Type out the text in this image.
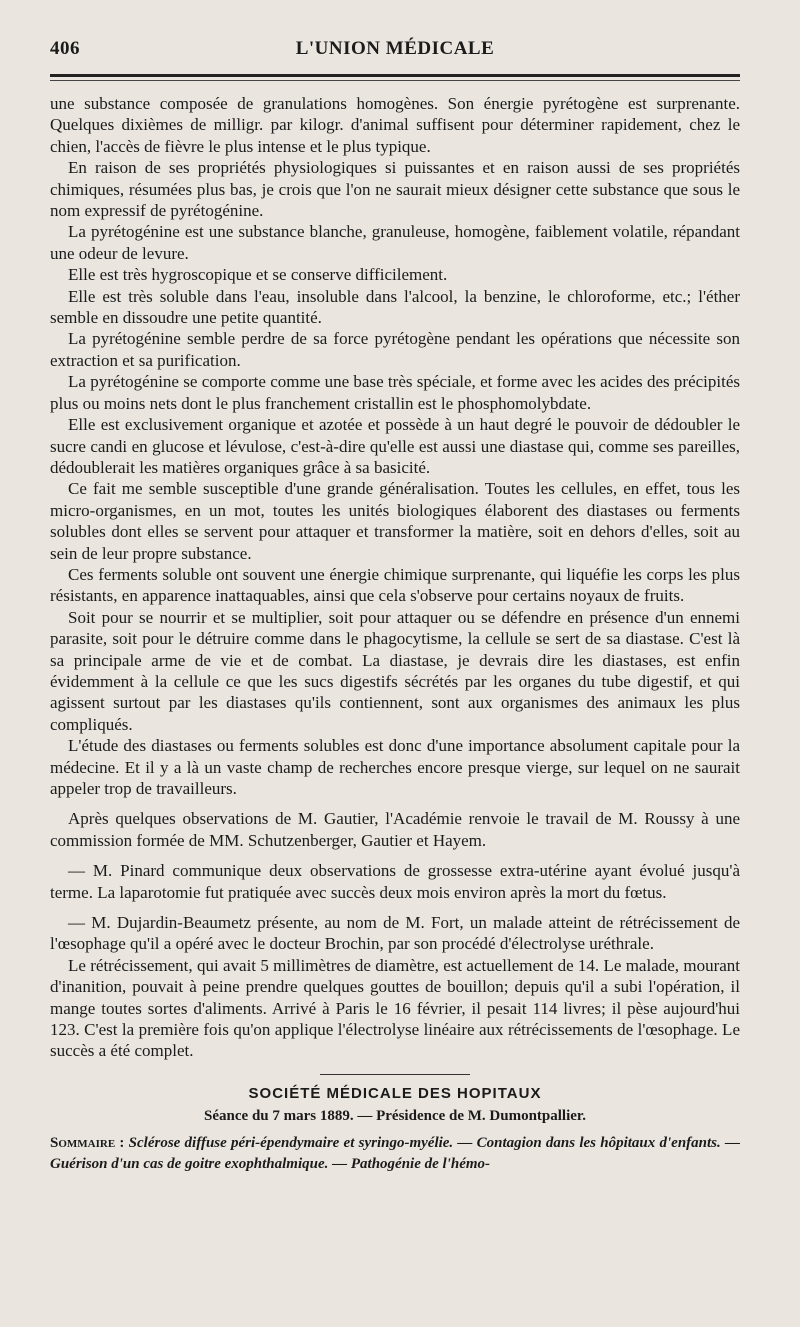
406	L'UNION MÉDICALE

une substance composée de granulations homogènes. Son énergie pyrétogène est surprenante. Quelques dixièmes de milligr. par kilogr. d'animal suffisent pour déterminer rapidement, chez le chien, l'accès de fièvre le plus intense et le plus typique.

En raison de ses propriétés physiologiques si puissantes et en raison aussi de ses propriétés chimiques, résumées plus bas, je crois que l'on ne saurait mieux désigner cette substance que sous le nom expressif de pyrétogénine.

La pyrétogénine est une substance blanche, granuleuse, homogène, faiblement volatile, répandant une odeur de levure.

Elle est très hygroscopique et se conserve difficilement.

Elle est très soluble dans l'eau, insoluble dans l'alcool, la benzine, le chloroforme, etc.; l'éther semble en dissoudre une petite quantité.

La pyrétogénine semble perdre de sa force pyrétogène pendant les opérations que nécessite son extraction et sa purification.

La pyrétogénine se comporte comme une base très spéciale, et forme avec les acides des précipités plus ou moins nets dont le plus franchement cristallin est le phosphomolybdate.

Elle est exclusivement organique et azotée et possède à un haut degré le pouvoir de dédoubler le sucre candi en glucose et lévulose, c'est-à-dire qu'elle est aussi une diastase qui, comme ses pareilles, dédoublerait les matières organiques grâce à sa basicité.

Ce fait me semble susceptible d'une grande généralisation. Toutes les cellules, en effet, tous les micro-organismes, en un mot, toutes les unités biologiques élaborent des diastases ou ferments solubles dont elles se servent pour attaquer et transformer la matière, soit en dehors d'elles, soit au sein de leur propre substance.

Ces ferments soluble ont souvent une énergie chimique surprenante, qui liquéfie les corps les plus résistants, en apparence inattaquables, ainsi que cela s'observe pour certains noyaux de fruits.

Soit pour se nourrir et se multiplier, soit pour attaquer ou se défendre en présence d'un ennemi parasite, soit pour le détruire comme dans le phagocytisme, la cellule se sert de sa diastase. C'est là sa principale arme de vie et de combat. La diastase, je devrais dire les diastases, est enfin évidemment à la cellule ce que les sucs digestifs sécrétés par les organes du tube digestif, et qui agissent surtout par les diastases qu'ils contiennent, sont aux organismes des animaux les plus compliqués.

L'étude des diastases ou ferments solubles est donc d'une importance absolument capitale pour la médecine. Et il y a là un vaste champ de recherches encore presque vierge, sur lequel on ne saurait appeler trop de travailleurs.

Après quelques observations de M. Gautier, l'Académie renvoie le travail de M. Roussy à une commission formée de MM. Schutzenberger, Gautier et Hayem.

— M. Pinard communique deux observations de grossesse extra-utérine ayant évolué jusqu'à terme. La laparotomie fut pratiquée avec succès deux mois environ après la mort du fœtus.

— M. Dujardin-Beaumetz présente, au nom de M. Fort, un malade atteint de rétrécissement de l'œsophage qu'il a opéré avec le docteur Brochin, par son procédé d'électrolyse uréthrale.

Le rétrécissement, qui avait 5 millimètres de diamètre, est actuellement de 14. Le malade, mourant d'inanition, pouvait à peine prendre quelques gouttes de bouillon; depuis qu'il a subi l'opération, il mange toutes sortes d'aliments. Arrivé à Paris le 16 février, il pesait 114 livres; il pèse aujourd'hui 123. C'est la première fois qu'on applique l'électrolyse linéaire aux rétrécissements de l'œsophage. Le succès a été complet.

SOCIÉTÉ MÉDICALE DES HOPITAUX
Séance du 7 mars 1889. — Présidence de M. Dumontpallier.
Sommaire : Sclérose diffuse péri-épendymaire et syringo-myélie. — Contagion dans les hôpitaux d'enfants. — Guérison d'un cas de goitre exophthalmique. — Pathogénie de l'hémo-
